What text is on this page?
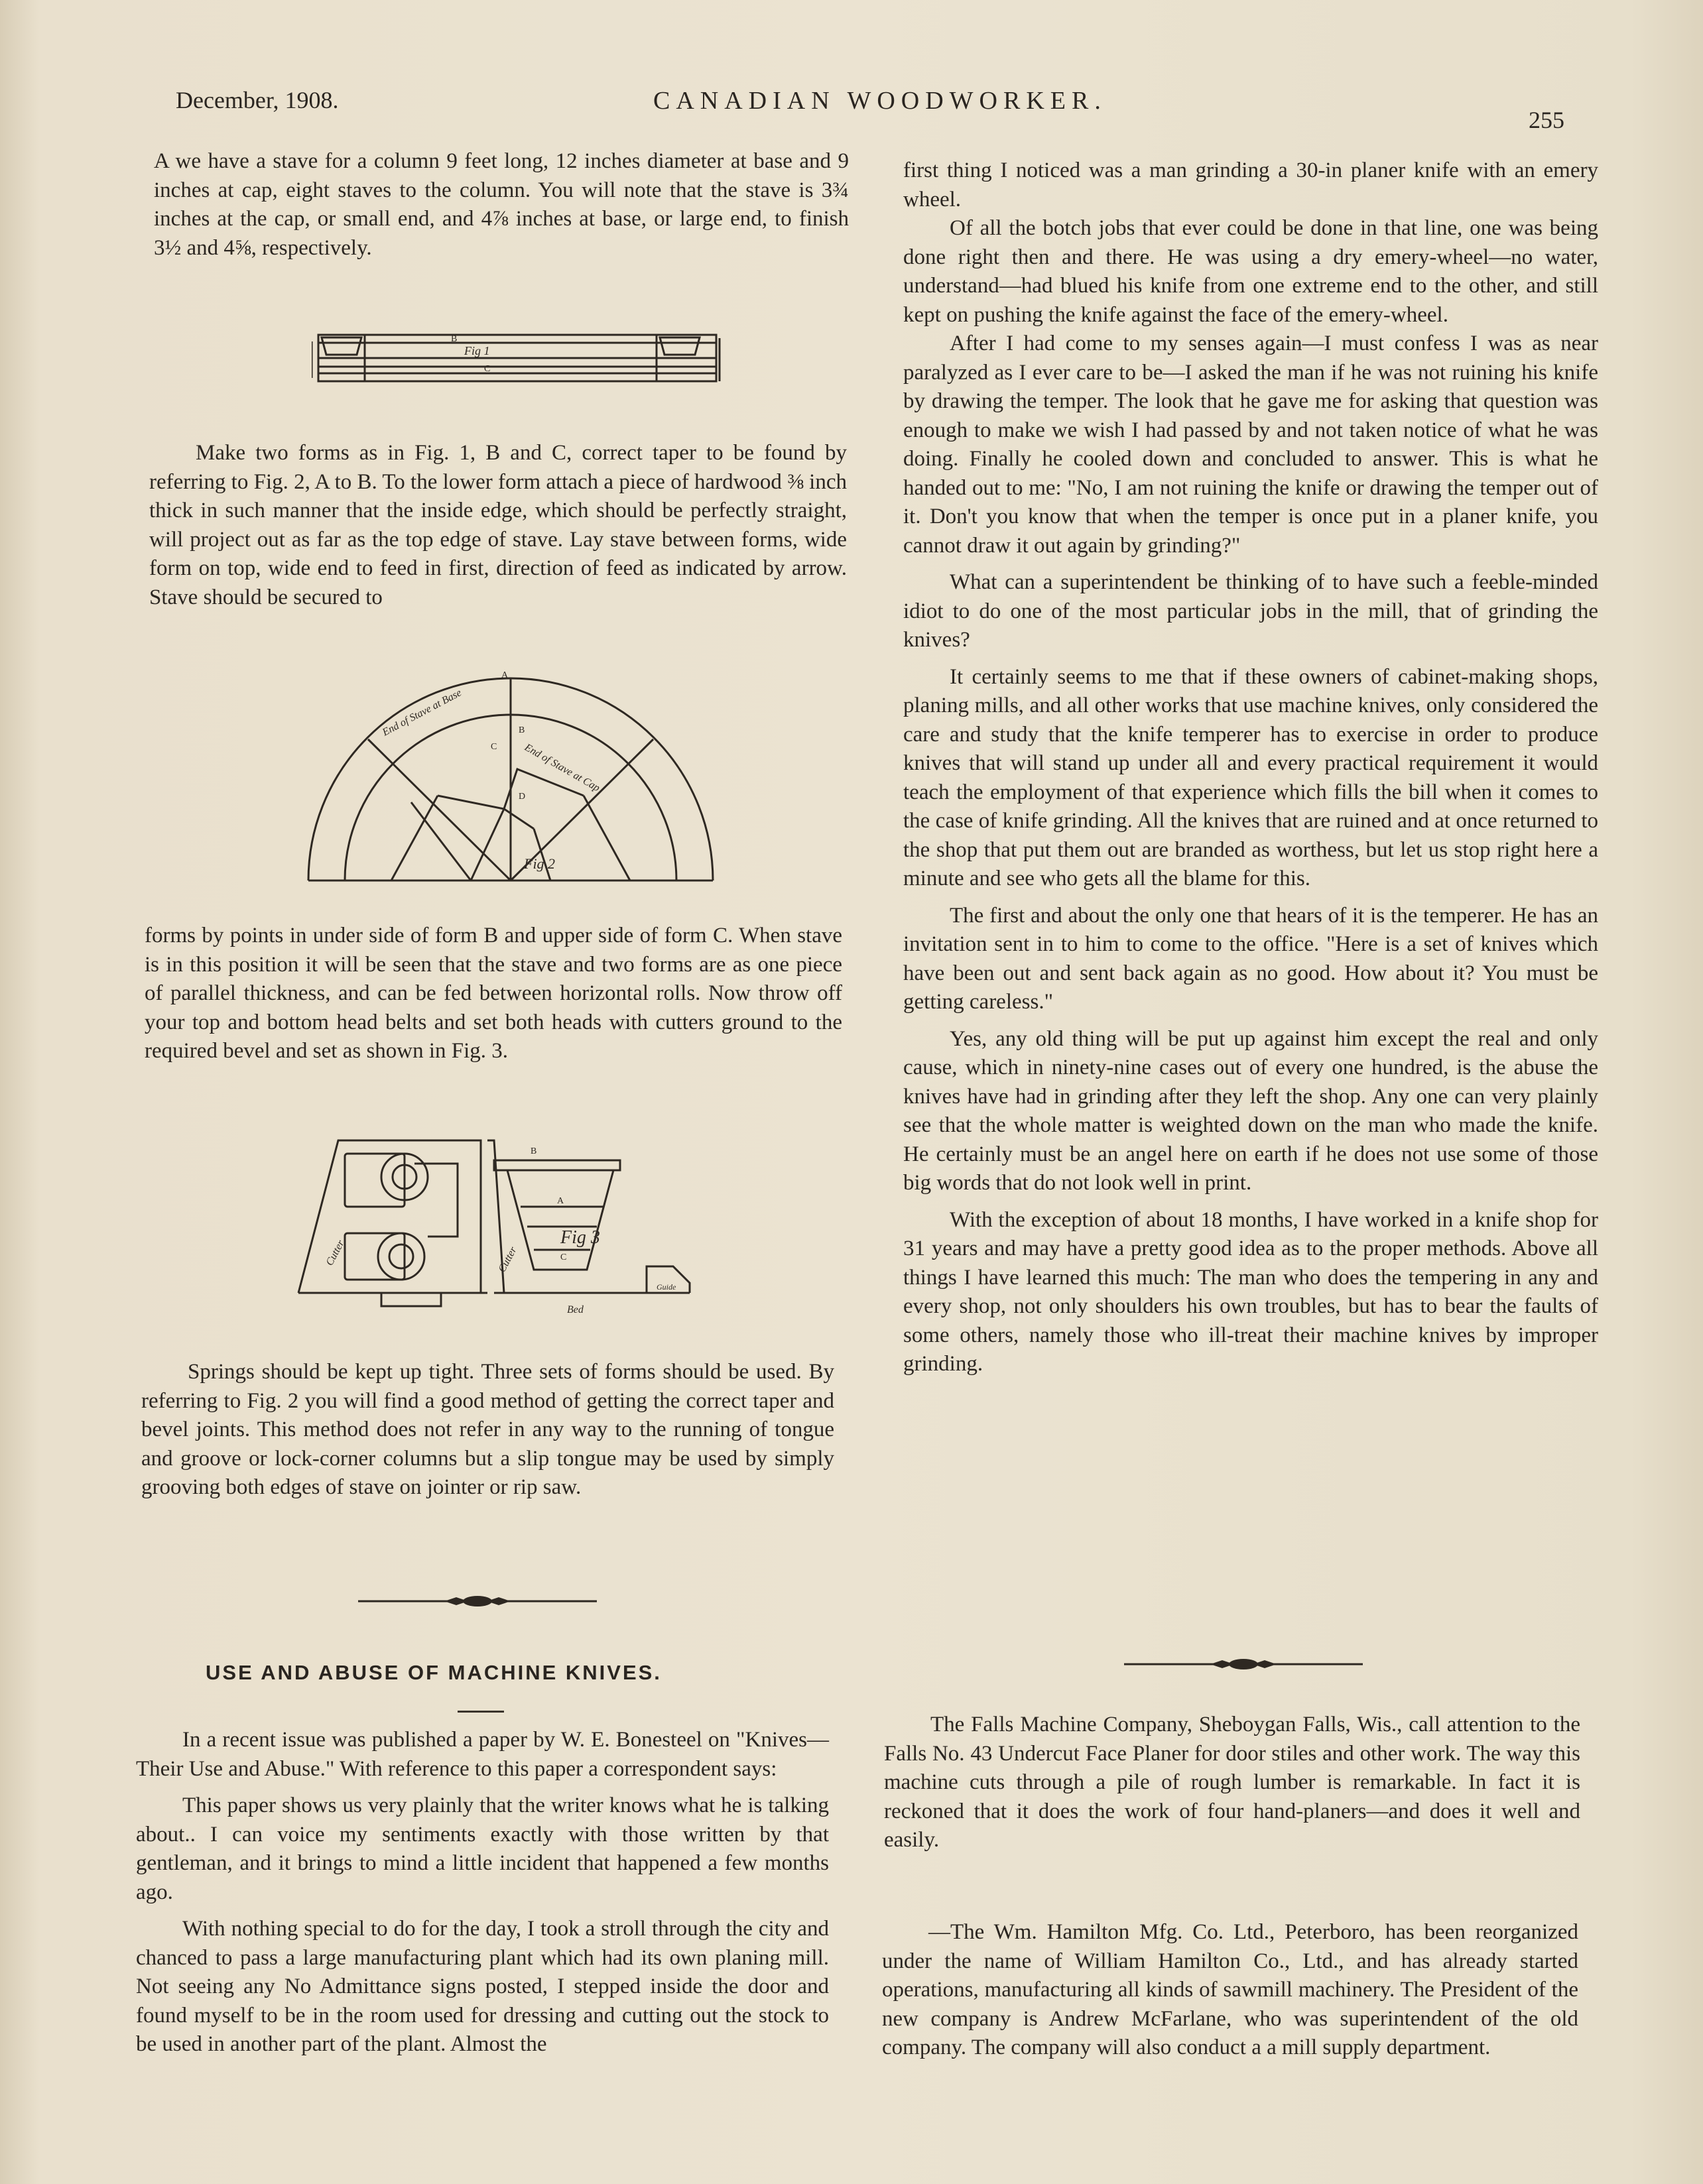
December, 1908.	CANADIAN WOODWORKER.
255

A we have a stave for a column 9 feet long, 12 inches diameter at base and 9 inches at cap, eight staves to the column. You will note that the stave is 3¾ inches at the cap, or small end, and 4⅞ inches at base, or large end, to finish 3½ and 4⅝, respectively.

Fig 1
B
C

Make two forms as in Fig. 1, B and C, correct taper to be found by referring to Fig. 2, A to B. To the lower form attach a piece of hardwood ⅜ inch thick in such manner that the inside edge, which should be perfectly straight, will project out as far as the top edge of stave. Lay stave between forms, wide form on top, wide end to feed in first, direction of feed as indicated by arrow. Stave should be secured to

End of Stave at Base
End of Stave at Cap
Fig 2
A
B
C
D

forms by points in under side of form B and upper side of form C. When stave is in this position it will be seen that the stave and two forms are as one piece of parallel thickness, and can be fed between horizontal rolls. Now throw off your top and bottom head belts and set both heads with cutters ground to the required bevel and set as shown in Fig. 3.

B
A
C
Fig 3
Cutter	Cutter
Bed
Guide

Springs should be kept up tight. Three sets of forms should be used. By referring to Fig. 2 you will find a good method of getting the correct taper and bevel joints. This method does not refer in any way to the running of tongue and groove or lock-corner columns but a slip tongue may be used by simply grooving both edges of stave on jointer or rip saw.

USE AND ABUSE OF MACHINE KNIVES.

In a recent issue was published a paper by W. E. Bonesteel on "Knives—Their Use and Abuse." With reference to this paper a correspondent says:

This paper shows us very plainly that the writer knows what he is talking about.. I can voice my sentiments exactly with those written by that gentleman, and it brings to mind a little incident that happened a few months ago.

With nothing special to do for the day, I took a stroll through the city and chanced to pass a large manufacturing plant which had its own planing mill. Not seeing any No Admittance signs posted, I stepped inside the door and found myself to be in the room used for dressing and cutting out the stock to be used in another part of the plant. Almost the

first thing I noticed was a man grinding a 30-in planer knife with an emery wheel.

Of all the botch jobs that ever could be done in that line, one was being done right then and there. He was using a dry emery-wheel—no water, understand—had blued his knife from one extreme end to the other, and still kept on pushing the knife against the face of the emery-wheel.

After I had come to my senses again—I must confess I was as near paralyzed as I ever care to be—I asked the man if he was not ruining his knife by drawing the temper. The look that he gave me for asking that question was enough to make we wish I had passed by and not taken notice of what he was doing. Finally he cooled down and concluded to answer. This is what he handed out to me: "No, I am not ruining the knife or drawing the temper out of it. Don't you know that when the temper is once put in a planer knife, you cannot draw it out again by grinding?"

What can a superintendent be thinking of to have such a feeble-minded idiot to do one of the most particular jobs in the mill, that of grinding the knives?

It certainly seems to me that if these owners of cabinet-making shops, planing mills, and all other works that use machine knives, only considered the care and study that the knife temperer has to exercise in order to produce knives that will stand up under all and every practical requirement it would teach the employment of that experience which fills the bill when it comes to the case of knife grinding. All the knives that are ruined and at once returned to the shop that put them out are branded as worthess, but let us stop right here a minute and see who gets all the blame for this.

The first and about the only one that hears of it is the temperer. He has an invitation sent in to him to come to the office. "Here is a set of knives which have been out and sent back again as no good. How about it? You must be getting careless."

Yes, any old thing will be put up against him except the real and only cause, which in ninety-nine cases out of every one hundred, is the abuse the knives have had in grinding after they left the shop. Any one can very plainly see that the whole matter is weighted down on the man who made the knife. He certainly must be an angel here on earth if he does not use some of those big words that do not look well in print.

With the exception of about 18 months, I have worked in a knife shop for 31 years and may have a pretty good idea as to the proper methods. Above all things I have learned this much: The man who does the tempering in any and every shop, not only shoulders his own troubles, but has to bear the faults of some others, namely those who ill-treat their machine knives by improper grinding.

The Falls Machine Company, Sheboygan Falls, Wis., call attention to the Falls No. 43 Undercut Face Planer for door stiles and other work. The way this machine cuts through a pile of rough lumber is remarkable. In fact it is reckoned that it does the work of four hand-planers—and does it well and easily.

—The Wm. Hamilton Mfg. Co. Ltd., Peterboro, has been reorganized under the name of William Hamilton Co., Ltd., and has already started operations, manufacturing all kinds of sawmill machinery. The President of the new company is Andrew McFarlane, who was superintendent of the old company. The company will also conduct a a mill supply department.
